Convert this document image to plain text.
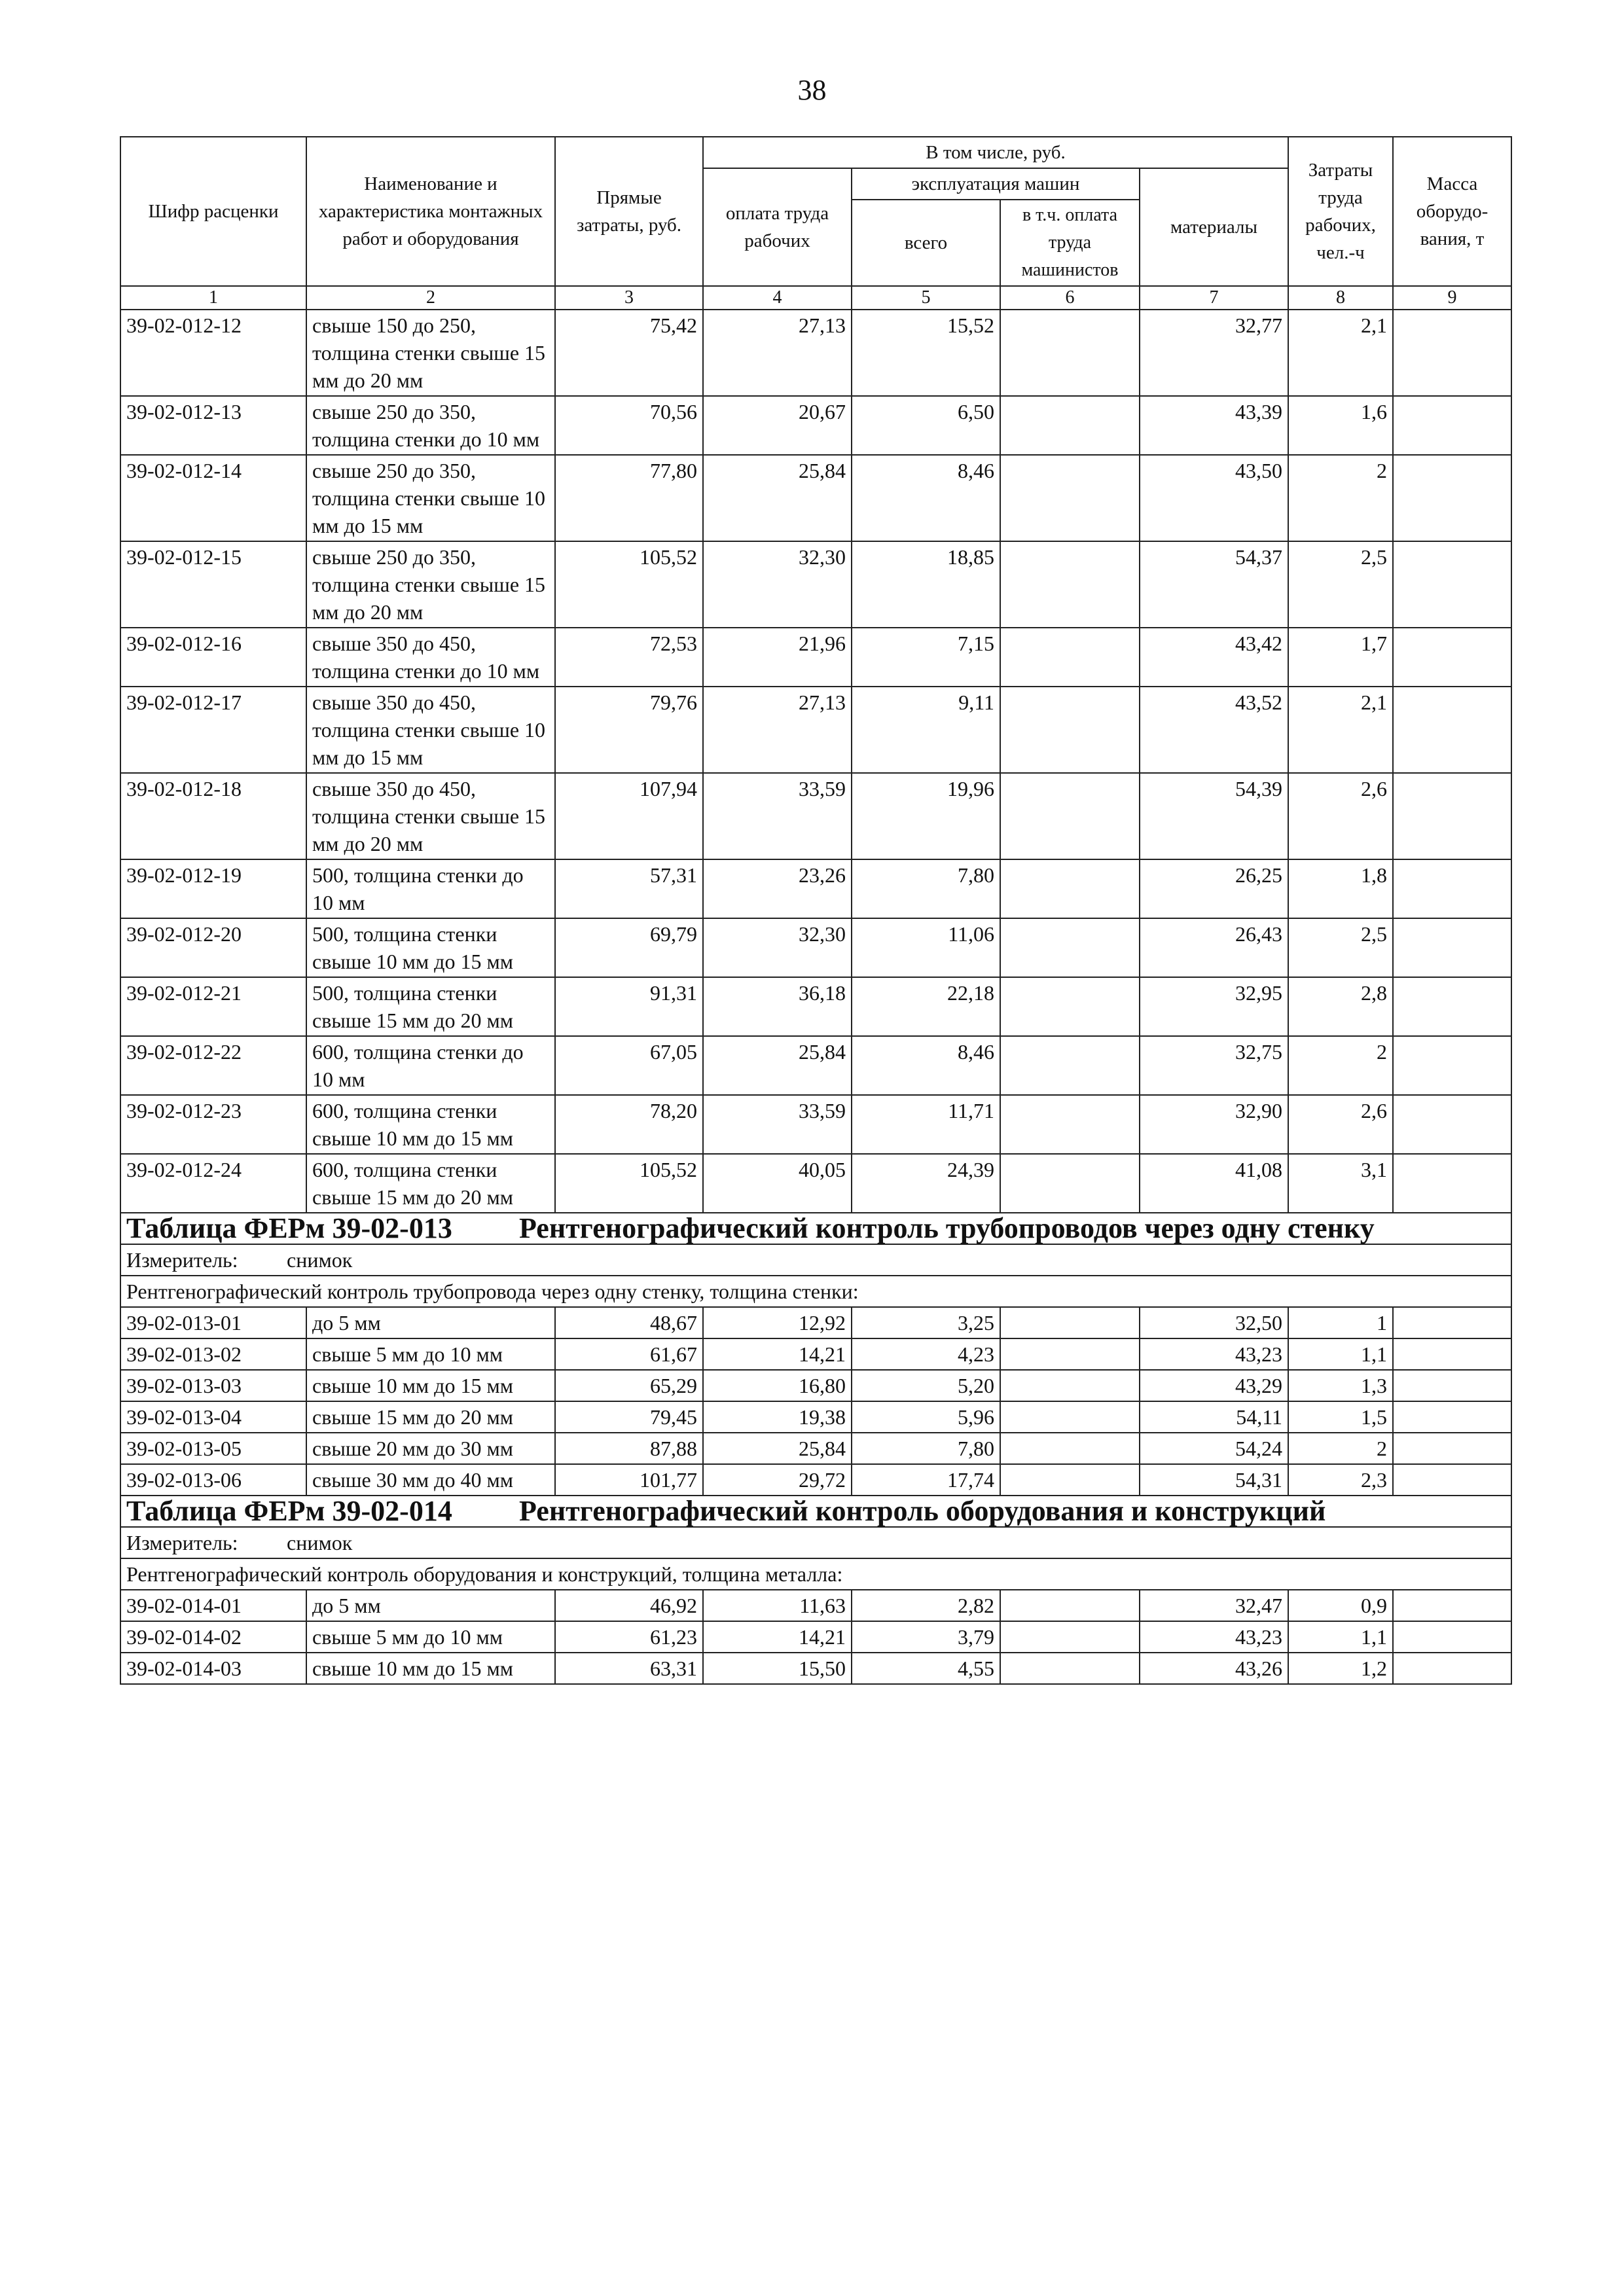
38
Шифр расценки	Наименование и характеристика монтажных работ и оборудования	Прямые затраты, руб.	В том числе, руб.				Затраты труда рабочих, чел.-ч	Масса оборудо-вания, т
			оплата труда рабочих	эксплуатация машин		материалы		
				всего	в т.ч. оплата труда машинистов			
1	2	3	4	5	6	7	8	9
39-02-012-12	свыше 150 до 250, толщина стенки свыше 15 мм до 20 мм	75,42	27,13	15,52		32,77	2,1	
39-02-012-13	свыше 250 до 350, толщина стенки до 10 мм	70,56	20,67	6,50		43,39	1,6	
39-02-012-14	свыше 250 до 350, толщина стенки свыше 10 мм до 15 мм	77,80	25,84	8,46		43,50	2	
39-02-012-15	свыше 250 до 350, толщина стенки свыше 15 мм до 20 мм	105,52	32,30	18,85		54,37	2,5	
39-02-012-16	свыше 350 до 450, толщина стенки до 10 мм	72,53	21,96	7,15		43,42	1,7	
39-02-012-17	свыше 350 до 450, толщина стенки свыше 10 мм до 15 мм	79,76	27,13	9,11		43,52	2,1	
39-02-012-18	свыше 350 до 450, толщина стенки свыше 15 мм до 20 мм	107,94	33,59	19,96		54,39	2,6	
39-02-012-19	500, толщина стенки до 10 мм	57,31	23,26	7,80		26,25	1,8	
39-02-012-20	500, толщина стенки свыше 10 мм до 15 мм	69,79	32,30	11,06		26,43	2,5	
39-02-012-21	500, толщина стенки свыше 15 мм до 20 мм	91,31	36,18	22,18		32,95	2,8	
39-02-012-22	600, толщина стенки до 10 мм	67,05	25,84	8,46		32,75	2	
39-02-012-23	600, толщина стенки свыше 10 мм до 15 мм	78,20	33,59	11,71		32,90	2,6	
39-02-012-24	600, толщина стенки свыше 15 мм до 20 мм	105,52	40,05	24,39		41,08	3,1	
Таблица ФЕРм 39-02-013 Рентгенографический контроль трубопроводов через одну стенку								
Измеритель: снимок								
Рентгенографический контроль трубопровода через одну стенку, толщина стенки:								
39-02-013-01	до 5 мм	48,67	12,92	3,25		32,50	1	
39-02-013-02	свыше 5 мм до 10 мм	61,67	14,21	4,23		43,23	1,1	
39-02-013-03	свыше 10 мм до 15 мм	65,29	16,80	5,20		43,29	1,3	
39-02-013-04	свыше 15 мм до 20 мм	79,45	19,38	5,96		54,11	1,5	
39-02-013-05	свыше 20 мм до 30 мм	87,88	25,84	7,80		54,24	2	
39-02-013-06	свыше 30 мм до 40 мм	101,77	29,72	17,74		54,31	2,3	
Таблица ФЕРм 39-02-014 Рентгенографический контроль оборудования и конструкций								
Измеритель: снимок								
Рентгенографический контроль оборудования и конструкций, толщина металла:								
39-02-014-01	до 5 мм	46,92	11,63	2,82		32,47	0,9	
39-02-014-02	свыше 5 мм до 10 мм	61,23	14,21	3,79		43,23	1,1	
39-02-014-03	свыше 10 мм до 15 мм	63,31	15,50	4,55		43,26	1,2	
